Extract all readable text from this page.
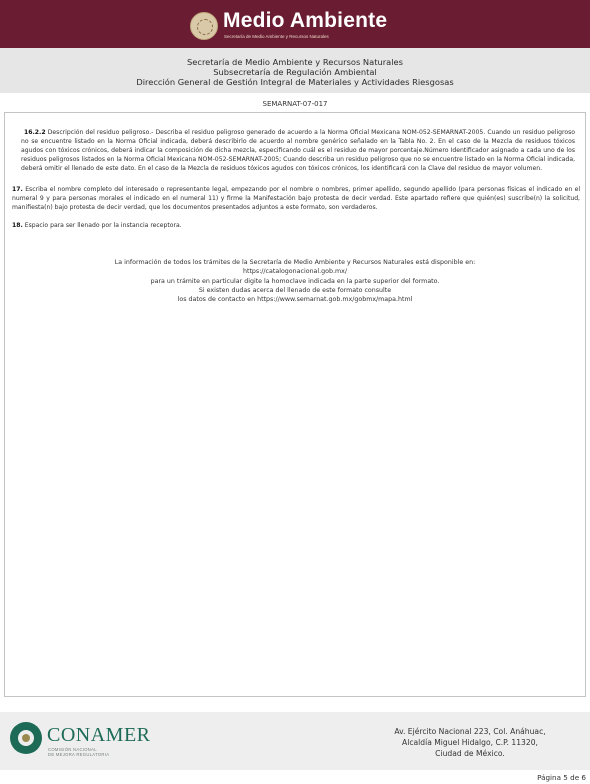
Medio Ambiente
Secretaría de Medio Ambiente y Recursos Naturales
Secretaría de Medio Ambiente y Recursos Naturales
Subsecretaría de Regulación Ambiental
Dirección General de Gestión Integral de Materiales y Actividades Riesgosas
SEMARNAT-07-017
16.2.2 Descripción del residuo peligroso.- Describa el residuo peligroso generado de acuerdo a la Norma Oficial Mexicana NOM-052-SEMARNAT-2005. Cuando un residuo peligroso no se encuentre listado en la Norma Oficial indicada, deberá describirlo de acuerdo al nombre genérico señalado en la Tabla No. 2. En el caso de la Mezcla de residuos tóxicos agudos con tóxicos crónicos, deberá indicar la composición de dicha mezcla, especificando cuál es el residuo de mayor porcentaje.Número Identificador asignado a cada uno de los residuos peligrosos listados en la Norma Oficial Mexicana NOM-052-SEMARNAT-2005; Cuando describa un residuo peligroso que no se encuentre listado en la Norma Oficial indicada, deberá omitir el llenado de este dato. En el caso de la Mezcla de residuos tóxicos agudos con tóxicos crónicos, los identificará con la Clave del residuo de mayor volumen.
17. Escriba el nombre completo del interesado o representante legal, empezando por el nombre o nombres, primer apellido, segundo apellido (para personas físicas el indicado en el numeral 9 y para personas morales el indicado en el numeral 11) y firme la Manifestación bajo protesta de decir verdad. Este apartado refiere que quién(es) suscribe(n) la solicitud, manifiesta(n) bajo protesta de decir verdad, que los documentos presentados adjuntos a este formato, son verdaderos.
18. Espacio para ser llenado por la instancia receptora.
La información de todos los trámites de la Secretaría de Medio Ambiente y Recursos Naturales está disponible en:
https://catalogonacional.gob.mx/
para un trámite en particular digite la homoclave indicada en la parte superior del formato.
Si existen dudas acerca del llenado de este formato consulte
los datos de contacto en https://www.semarnat.gob.mx/gobmx/mapa.html
CONAMER
COMISIÓN NACIONAL
DE MEJORA REGULATORIA
Av. Ejército Nacional 223, Col. Anáhuac,
Alcaldía Miguel Hidalgo, C.P. 11320,
Ciudad de México.
Página 5 de 6
